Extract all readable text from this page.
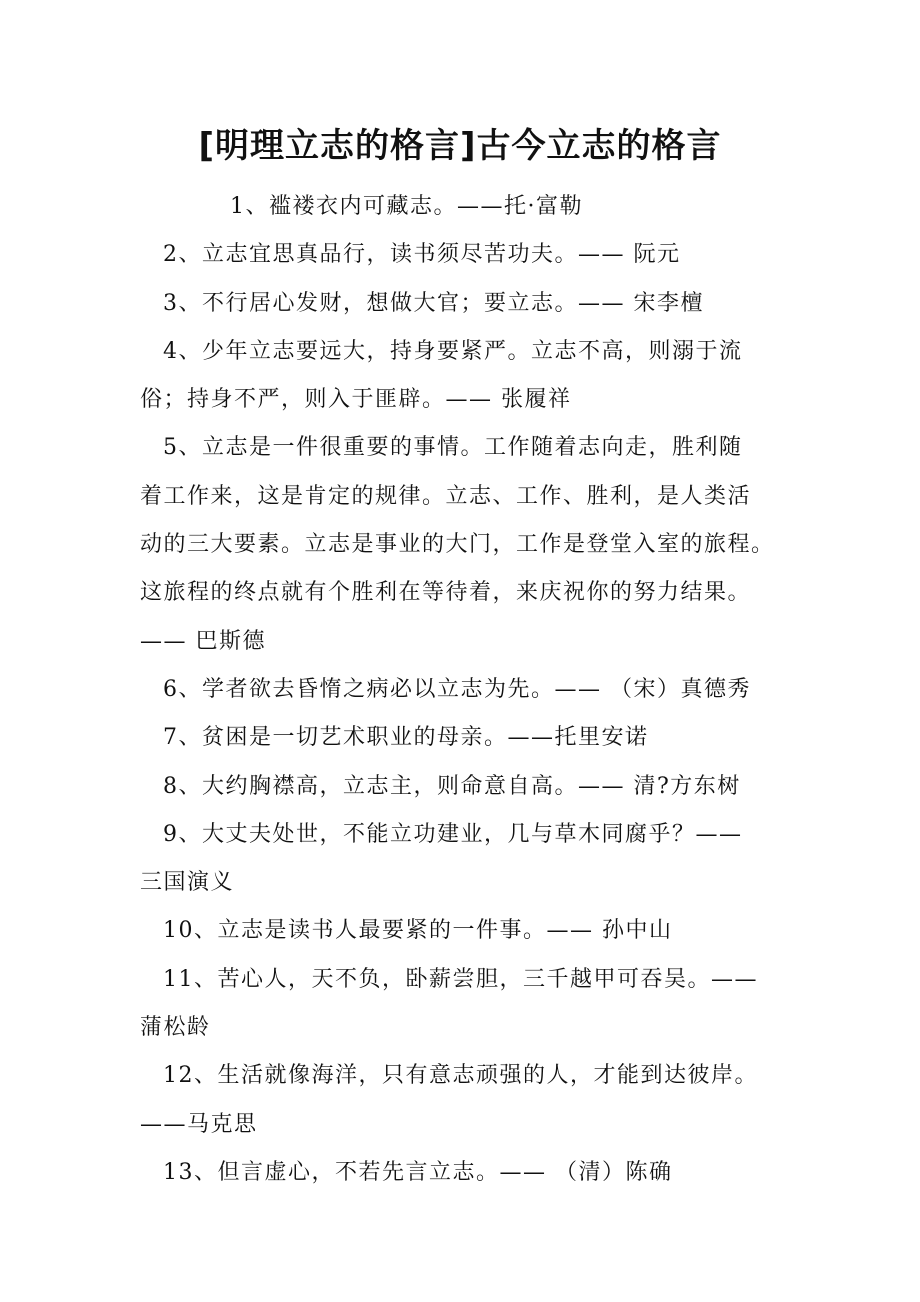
[明理立志的格言]古今立志的格言
1、褴褛衣内可藏志。——托·富勒
2、立志宜思真品行，读书须尽苦功夫。—— 阮元
3、不行居心发财，想做大官；要立志。—— 宋李檀
4、少年立志要远大，持身要紧严。立志不高，则溺于流
俗；持身不严，则入于匪辟。—— 张履祥
5、立志是一件很重要的事情。工作随着志向走，胜利随
着工作来，这是肯定的规律。立志、工作、胜利，是人类活
动的三大要素。立志是事业的大门，工作是登堂入室的旅程。
这旅程的终点就有个胜利在等待着，来庆祝你的努力结果。
—— 巴斯德
6、学者欲去昏惰之病必以立志为先。—— （宋）真德秀
7、贫困是一切艺术职业的母亲。——托里安诺
8、大约胸襟高，立志主，则命意自高。—— 清?方东树
9、大丈夫处世，不能立功建业，几与草木同腐乎？——
三国演义
10、立志是读书人最要紧的一件事。—— 孙中山
11、苦心人，天不负，卧薪尝胆，三千越甲可吞吴。——
蒲松龄
12、生活就像海洋，只有意志顽强的人，才能到达彼岸。
——马克思
13、但言虚心，不若先言立志。—— （清）陈确
